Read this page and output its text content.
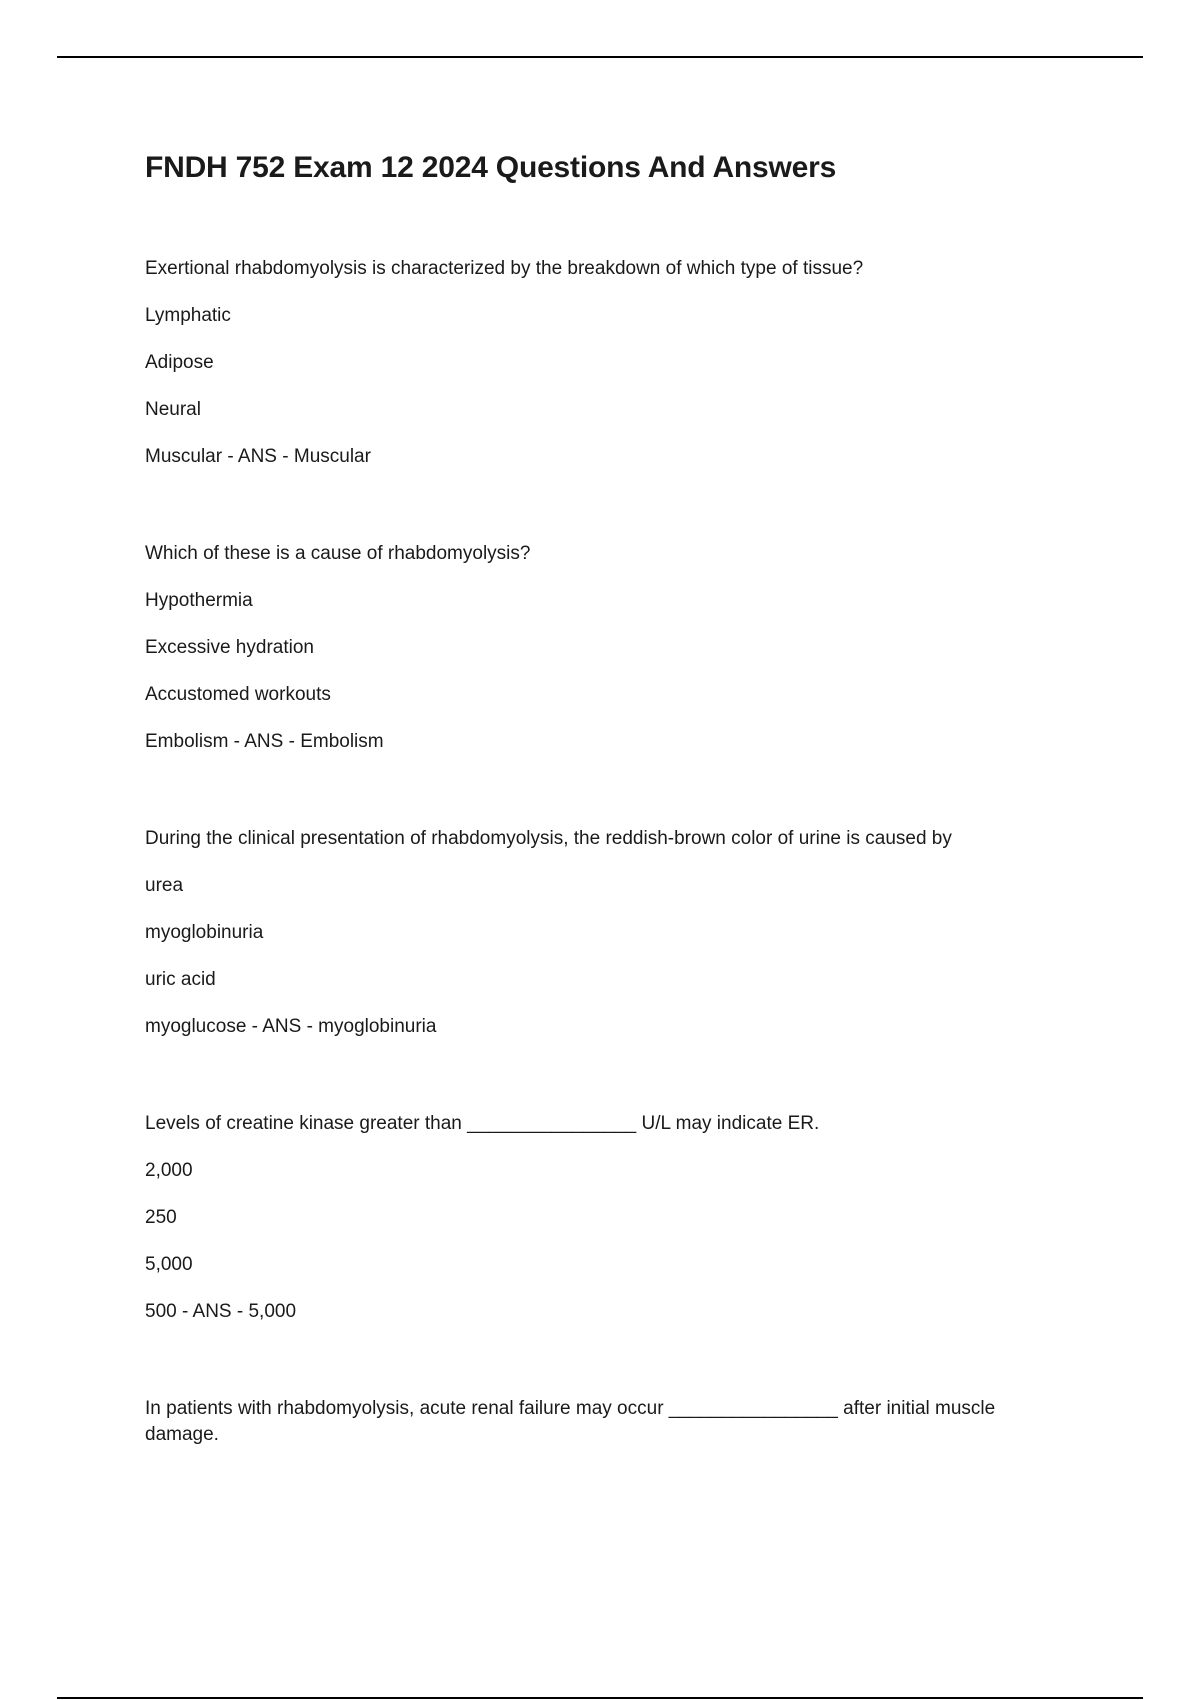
FNDH 752 Exam 12 2024 Questions And Answers
Exertional rhabdomyolysis is characterized by the breakdown of which type of tissue?
Lymphatic
Adipose
Neural
Muscular - ANS - Muscular
Which of these is a cause of rhabdomyolysis?
Hypothermia
Excessive hydration
Accustomed workouts
Embolism - ANS - Embolism
During the clinical presentation of rhabdomyolysis, the reddish-brown color of urine is caused by
urea
myoglobinuria
uric acid
myoglucose - ANS - myoglobinuria
Levels of creatine kinase greater than ________________ U/L may indicate ER.
2,000
250
5,000
500 - ANS - 5,000
In patients with rhabdomyolysis, acute renal failure may occur ________________ after initial muscle damage.
